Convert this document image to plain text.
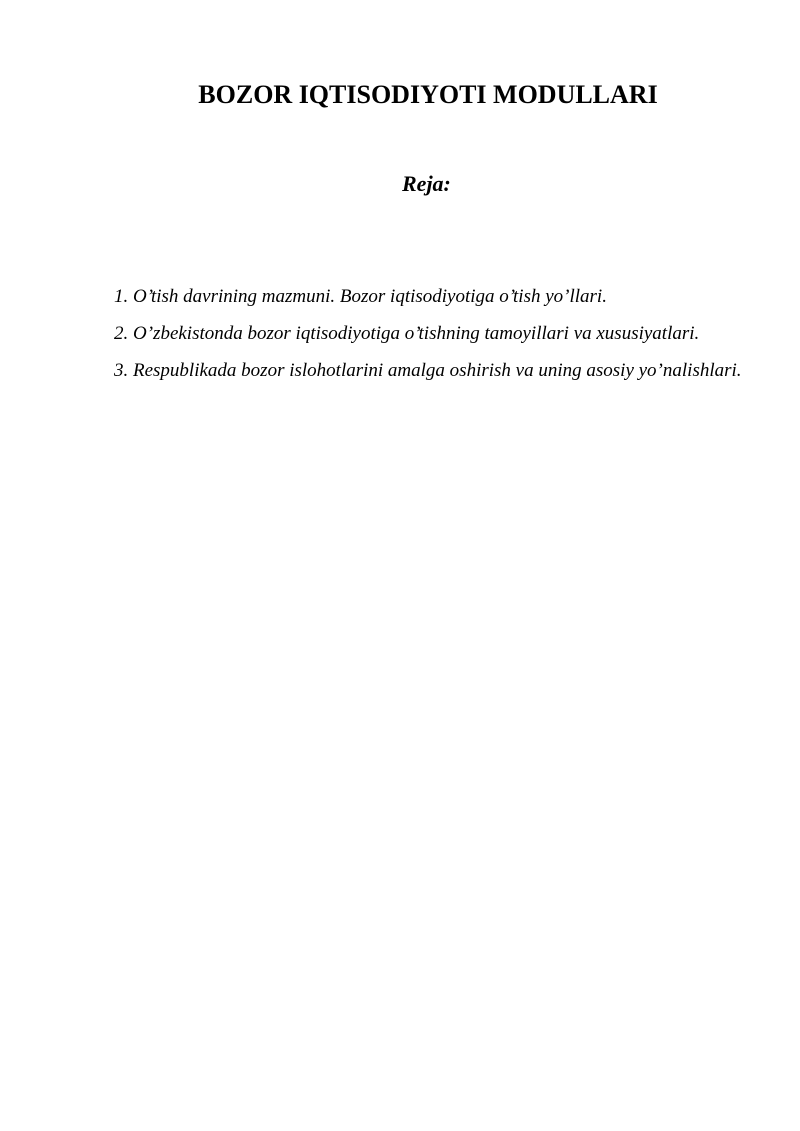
BOZOR IQTISODIYOTI MODULLARI
Reja:
1. O’tish davrining mazmuni. Bozor iqtisodiyotiga o’tish yo’llari.
2. O’zbekistonda bozor iqtisodiyotiga o’tishning tamoyillari va xususiyatlari.
3. Respublikada bozor islohotlarini amalga oshirish va uning asosiy yo’nalishlari.
